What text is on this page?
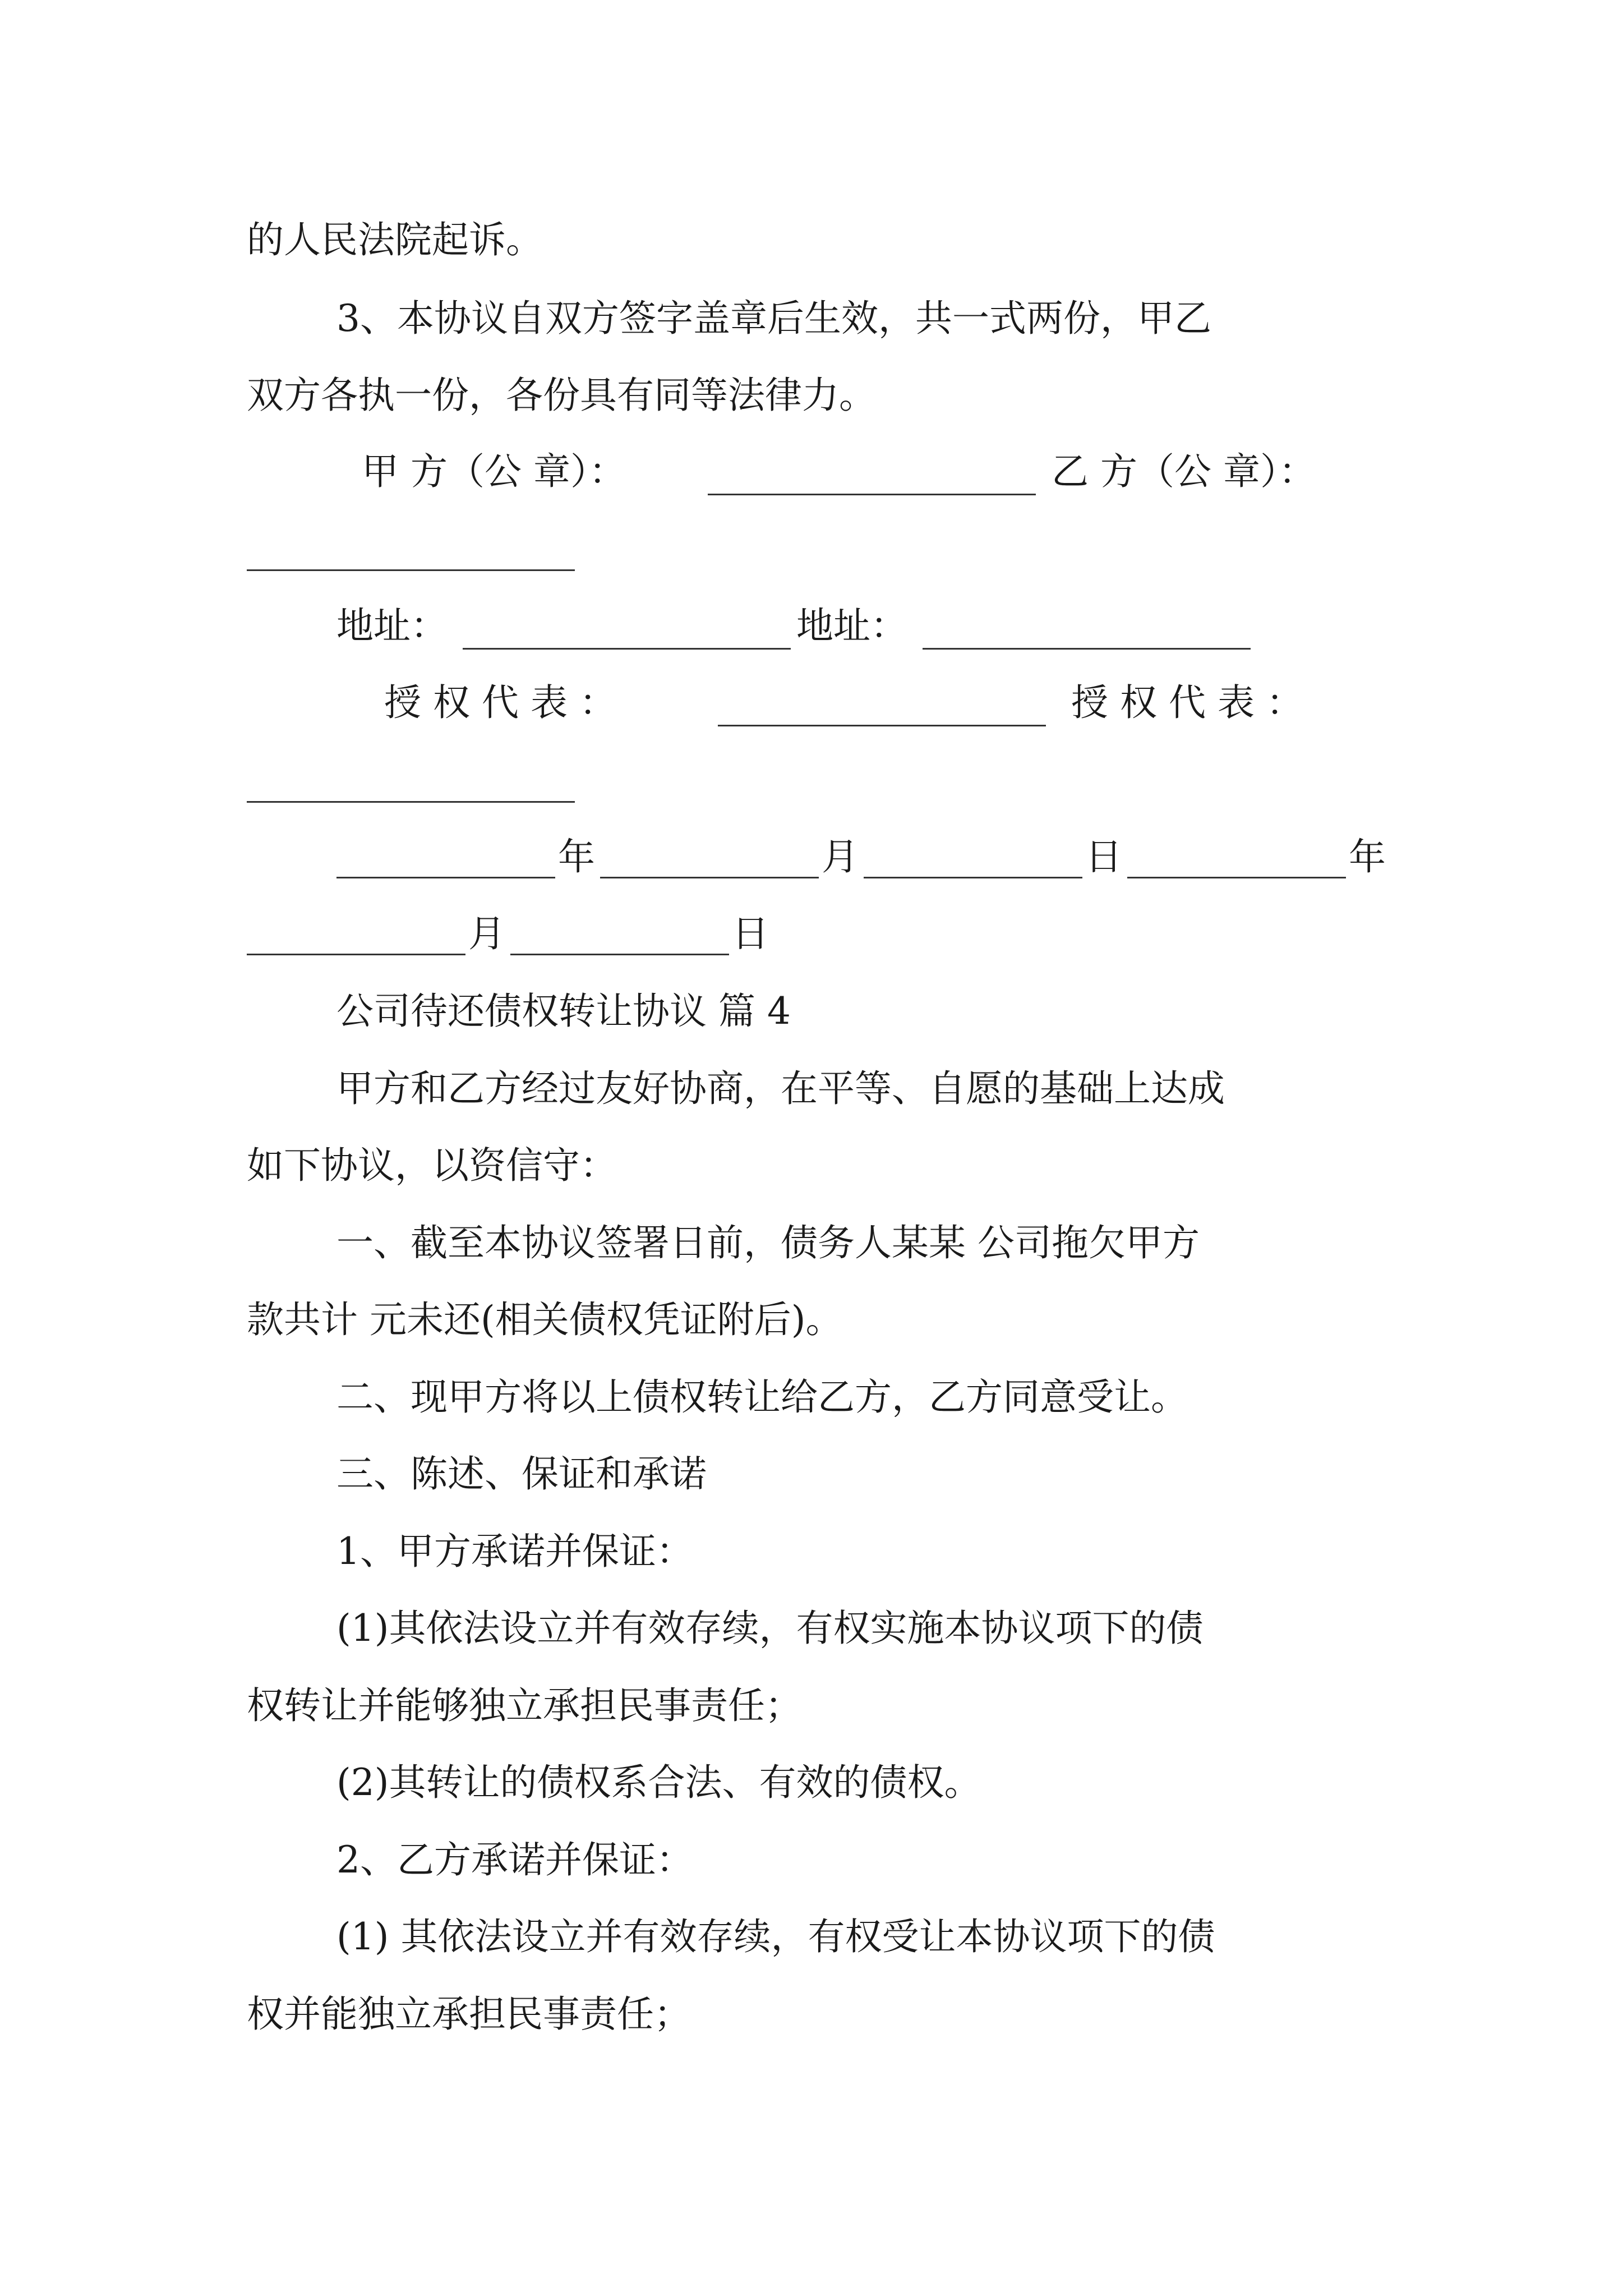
的人民法院起诉。
3、本协议自双方签字盖章后生效，共一式两份，甲乙
双方各执一份，各份具有同等法律力。
甲 方（公 章）：	乙 方（公 章）：
地址：	地址：
授 权 代 表 ：	授 权 代 表 ：
年	月	日	年
月	日
公司待还债权转让协议 篇 4
甲方和乙方经过友好协商，在平等、自愿的基础上达成
如下协议，以资信守：
一、截至本协议签署日前，债务人某某 公司拖欠甲方
款共计 元未还(相关债权凭证附后)。
二、现甲方将以上债权转让给乙方，乙方同意受让。
三、陈述、保证和承诺
1、甲方承诺并保证：
(1)其依法设立并有效存续，有权实施本协议项下的债
权转让并能够独立承担民事责任；
(2)其转让的债权系合法、有效的债权。
2、乙方承诺并保证：
(1) 其依法设立并有效存续，有权受让本协议项下的债
权并能独立承担民事责任；
